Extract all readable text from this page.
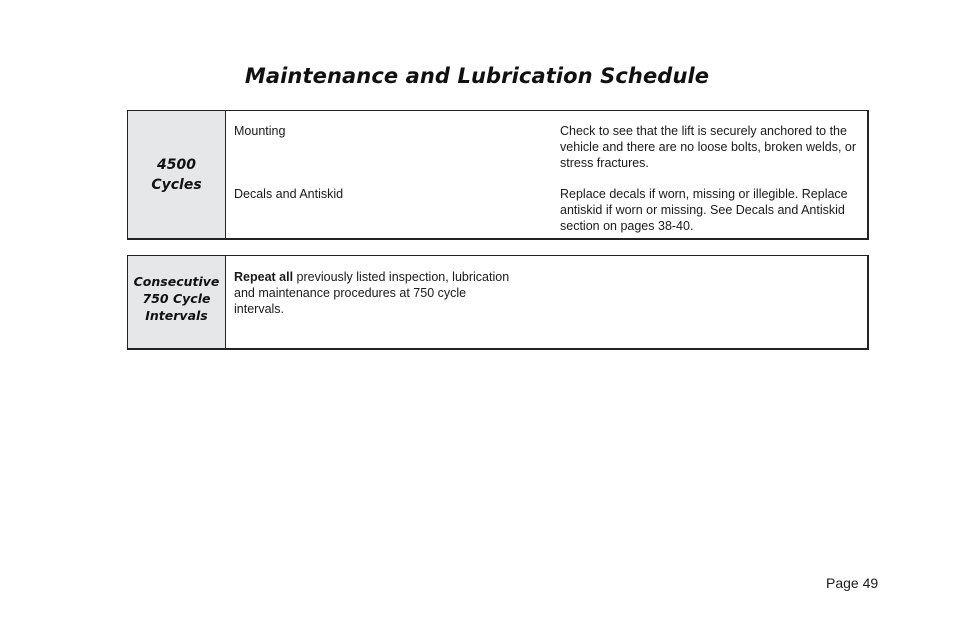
Maintenance and Lubrication Schedule
4500
Cycles
Mounting	Check to see that the lift is securely anchored to the vehicle and there are no loose bolts, broken welds, or stress fractures.
Decals and Antiskid	Replace decals if worn, missing or illegible. Replace antiskid if worn or missing. See Decals and Antiskid section on pages 38-40.
Consecutive
750 Cycle
Intervals
Repeat all previously listed inspection, lubrication and maintenance procedures at 750 cycle intervals.
Page 49
